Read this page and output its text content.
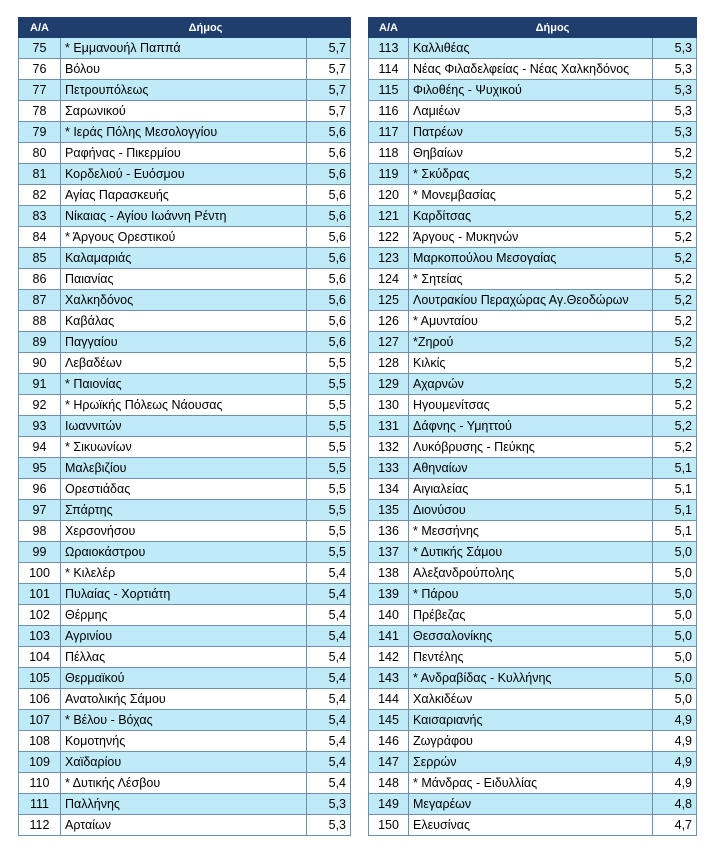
Α/Α	Δήμος	
75	* Εμμανουήλ Παππά	5,7
76	Βόλου	5,7
77	Πετρουπόλεως	5,7
78	Σαρωνικού	5,7
79	* Ιεράς Πόλης Μεσολογγίου	5,6
80	Ραφήνας - Πικερμίου	5,6
81	Κορδελιού - Ευόσμου	5,6
82	Αγίας Παρασκευής	5,6
83	Νίκαιας - Αγίου Ιωάννη Ρέντη	5,6
84	* Άργους Ορεστικού	5,6
85	Καλαμαριάς	5,6
86	Παιανίας	5,6
87	Χαλκηδόνος	5,6
88	Καβάλας	5,6
89	Παγγαίου	5,6
90	Λεβαδέων	5,5
91	* Παιονίας	5,5
92	* Ηρωϊκής Πόλεως Νάουσας	5,5
93	Ιωαννιτών	5,5
94	* Σικυωνίων	5,5
95	Μαλεβιζίου	5,5
96	Ορεστιάδας	5,5
97	Σπάρτης	5,5
98	Χερσονήσου	5,5
99	Ωραιοκάστρου	5,5
100	* Κιλελέρ	5,4
101	Πυλαίας - Χορτιάτη	5,4
102	Θέρμης	5,4
103	Αγρινίου	5,4
104	Πέλλας	5,4
105	Θερμαϊκού	5,4
106	Ανατολικής Σάμου	5,4
107	* Βέλου - Βόχας	5,4
108	Κομοτηνής	5,4
109	Χαϊδαρίου	5,4
110	* Δυτικής Λέσβου	5,4
111	Παλλήνης	5,3
112	Αρταίων	5,3
Α/Α	Δήμος	
113	Καλλιθέας	5,3
114	Νέας Φιλαδελφείας - Νέας Χαλκηδόνος	5,3
115	Φιλοθέης - Ψυχικού	5,3
116	Λαμιέων	5,3
117	Πατρέων	5,3
118	Θηβαίων	5,2
119	* Σκύδρας	5,2
120	* Μονεμβασίας	5,2
121	Καρδίτσας	5,2
122	Άργους - Μυκηνών	5,2
123	Μαρκοπούλου Μεσογαίας	5,2
124	* Σητείας	5,2
125	Λουτρακίου Περαχώρας Αγ.Θεοδώρων	5,2
126	* Αμυνταίου	5,2
127	*Ζηρού	5,2
128	Κιλκίς	5,2
129	Αχαρνών	5,2
130	Ηγουμενίτσας	5,2
131	Δάφνης - Υμηττού	5,2
132	Λυκόβρυσης - Πεύκης	5,2
133	Αθηναίων	5,1
134	Αιγιαλείας	5,1
135	Διονύσου	5,1
136	* Μεσσήνης	5,1
137	* Δυτικής Σάμου	5,0
138	Αλεξανδρούπολης	5,0
139	* Πάρου	5,0
140	Πρέβεζας	5,0
141	Θεσσαλονίκης	5,0
142	Πεντέλης	5,0
143	* Ανδραβίδας - Κυλλήνης	5,0
144	Χαλκιδέων	5,0
145	Καισαριανής	4,9
146	Ζωγράφου	4,9
147	Σερρών	4,9
148	* Μάνδρας - Ειδυλλίας	4,9
149	Μεγαρέων	4,8
150	Ελευσίνας	4,7
